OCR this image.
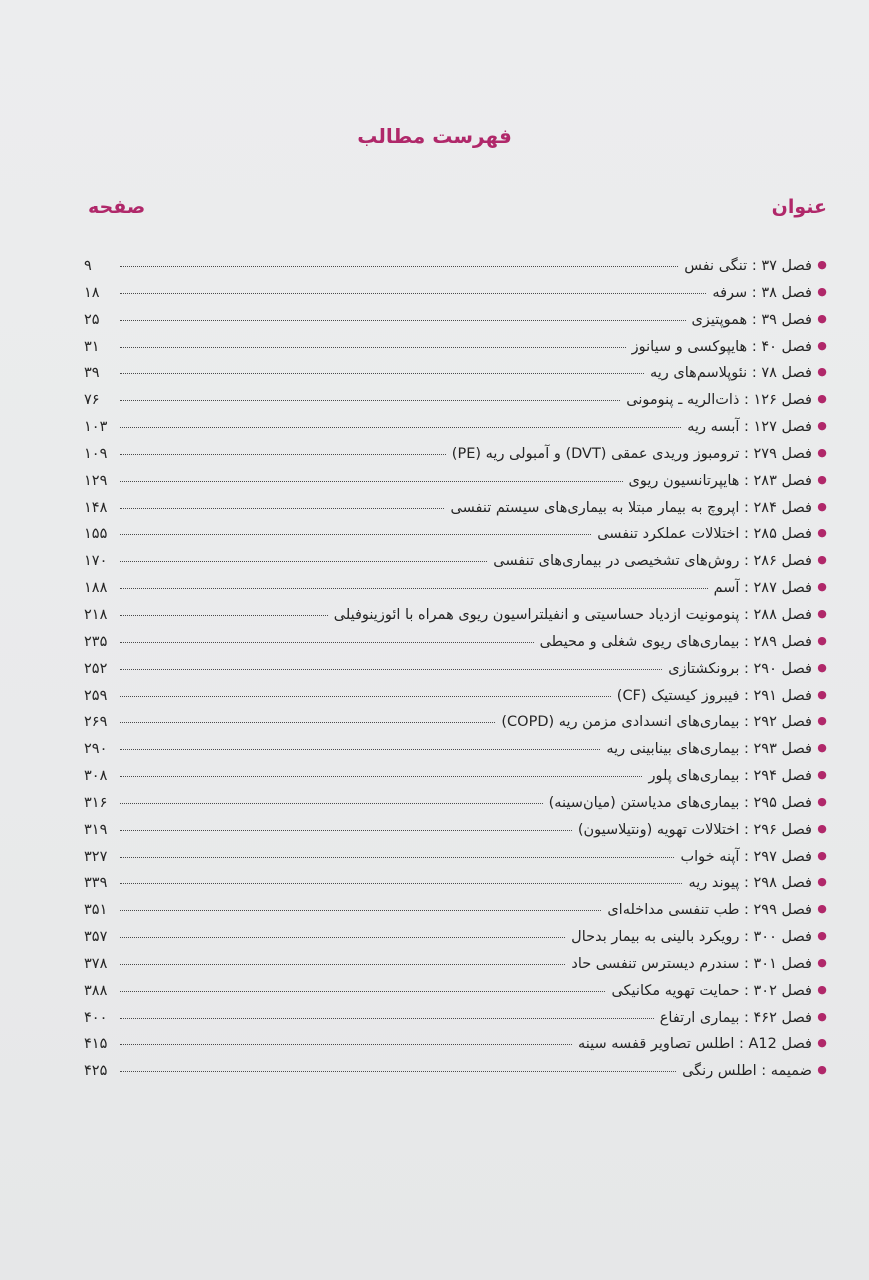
فهرست مطالب
عنوان
صفحه
●
فصل ۳۷ : تنگی نفس
۹
●
فصل ۳۸ : سرفه
۱۸
●
فصل ۳۹ : هموپتیزی
۲۵
●
فصل ۴۰ : هایپوکسی و سیانوز
۳۱
●
فصل ۷۸ : نئوپلاسم‌های ریه
۳۹
●
فصل ۱۲۶ : ذات‌الریه ـ پنومونی
۷۶
●
فصل ۱۲۷ : آبسه ریه
۱۰۳
●
فصل ۲۷۹ : ترومبوز وریدی عمقی (DVT) و آمبولی ریه (PE)
۱۰۹
●
فصل ۲۸۳ : هایپرتانسیون ریوی
۱۲۹
●
فصل ۲۸۴ : اپروچ به بیمار مبتلا به بیماری‌های سیستم تنفسی
۱۴۸
●
فصل ۲۸۵ : اختلالات عملکرد تنفسی
۱۵۵
●
فصل ۲۸۶ : روش‌های تشخیصی در بیماری‌های تنفسی
۱۷۰
●
فصل ۲۸۷ : آسم
۱۸۸
●
فصل ۲۸۸ : پنومونیت ازدیاد حساسیتی و انفیلتراسیون ریوی همراه با ائوزینوفیلی
۲۱۸
●
فصل ۲۸۹ : بیماری‌های ریوی شغلی و محیطی
۲۳۵
●
فصل ۲۹۰ : برونکشتازی
۲۵۲
●
فصل ۲۹۱ : فیبروز کیستیک (CF)
۲۵۹
●
فصل ۲۹۲ : بیماری‌های انسدادی مزمن ریه (COPD)
۲۶۹
●
فصل ۲۹۳ : بیماری‌های بینابینی ریه
۲۹۰
●
فصل ۲۹۴ : بیماری‌های پلور
۳۰۸
●
فصل ۲۹۵ : بیماری‌های مدیاستن (میان‌سینه)
۳۱۶
●
فصل ۲۹۶ : اختلالات تهویه (ونتیلاسیون)
۳۱۹
●
فصل ۲۹۷ : آپنه خواب
۳۲۷
●
فصل ۲۹۸ : پیوند ریه
۳۳۹
●
فصل ۲۹۹ : طب تنفسی مداخله‌ای
۳۵۱
●
فصل ۳۰۰ : رویکرد بالینی به بیمار بدحال
۳۵۷
●
فصل ۳۰۱ : سندرم دیسترس تنفسی حاد
۳۷۸
●
فصل ۳۰۲ : حمایت تهویه مکانیکی
۳۸۸
●
فصل ۴۶۲ : بیماری ارتفاع
۴۰۰
●
فصل A12 : اطلس تصاویر قفسه سینه
۴۱۵
●
ضمیمه : اطلس رنگی
۴۲۵
